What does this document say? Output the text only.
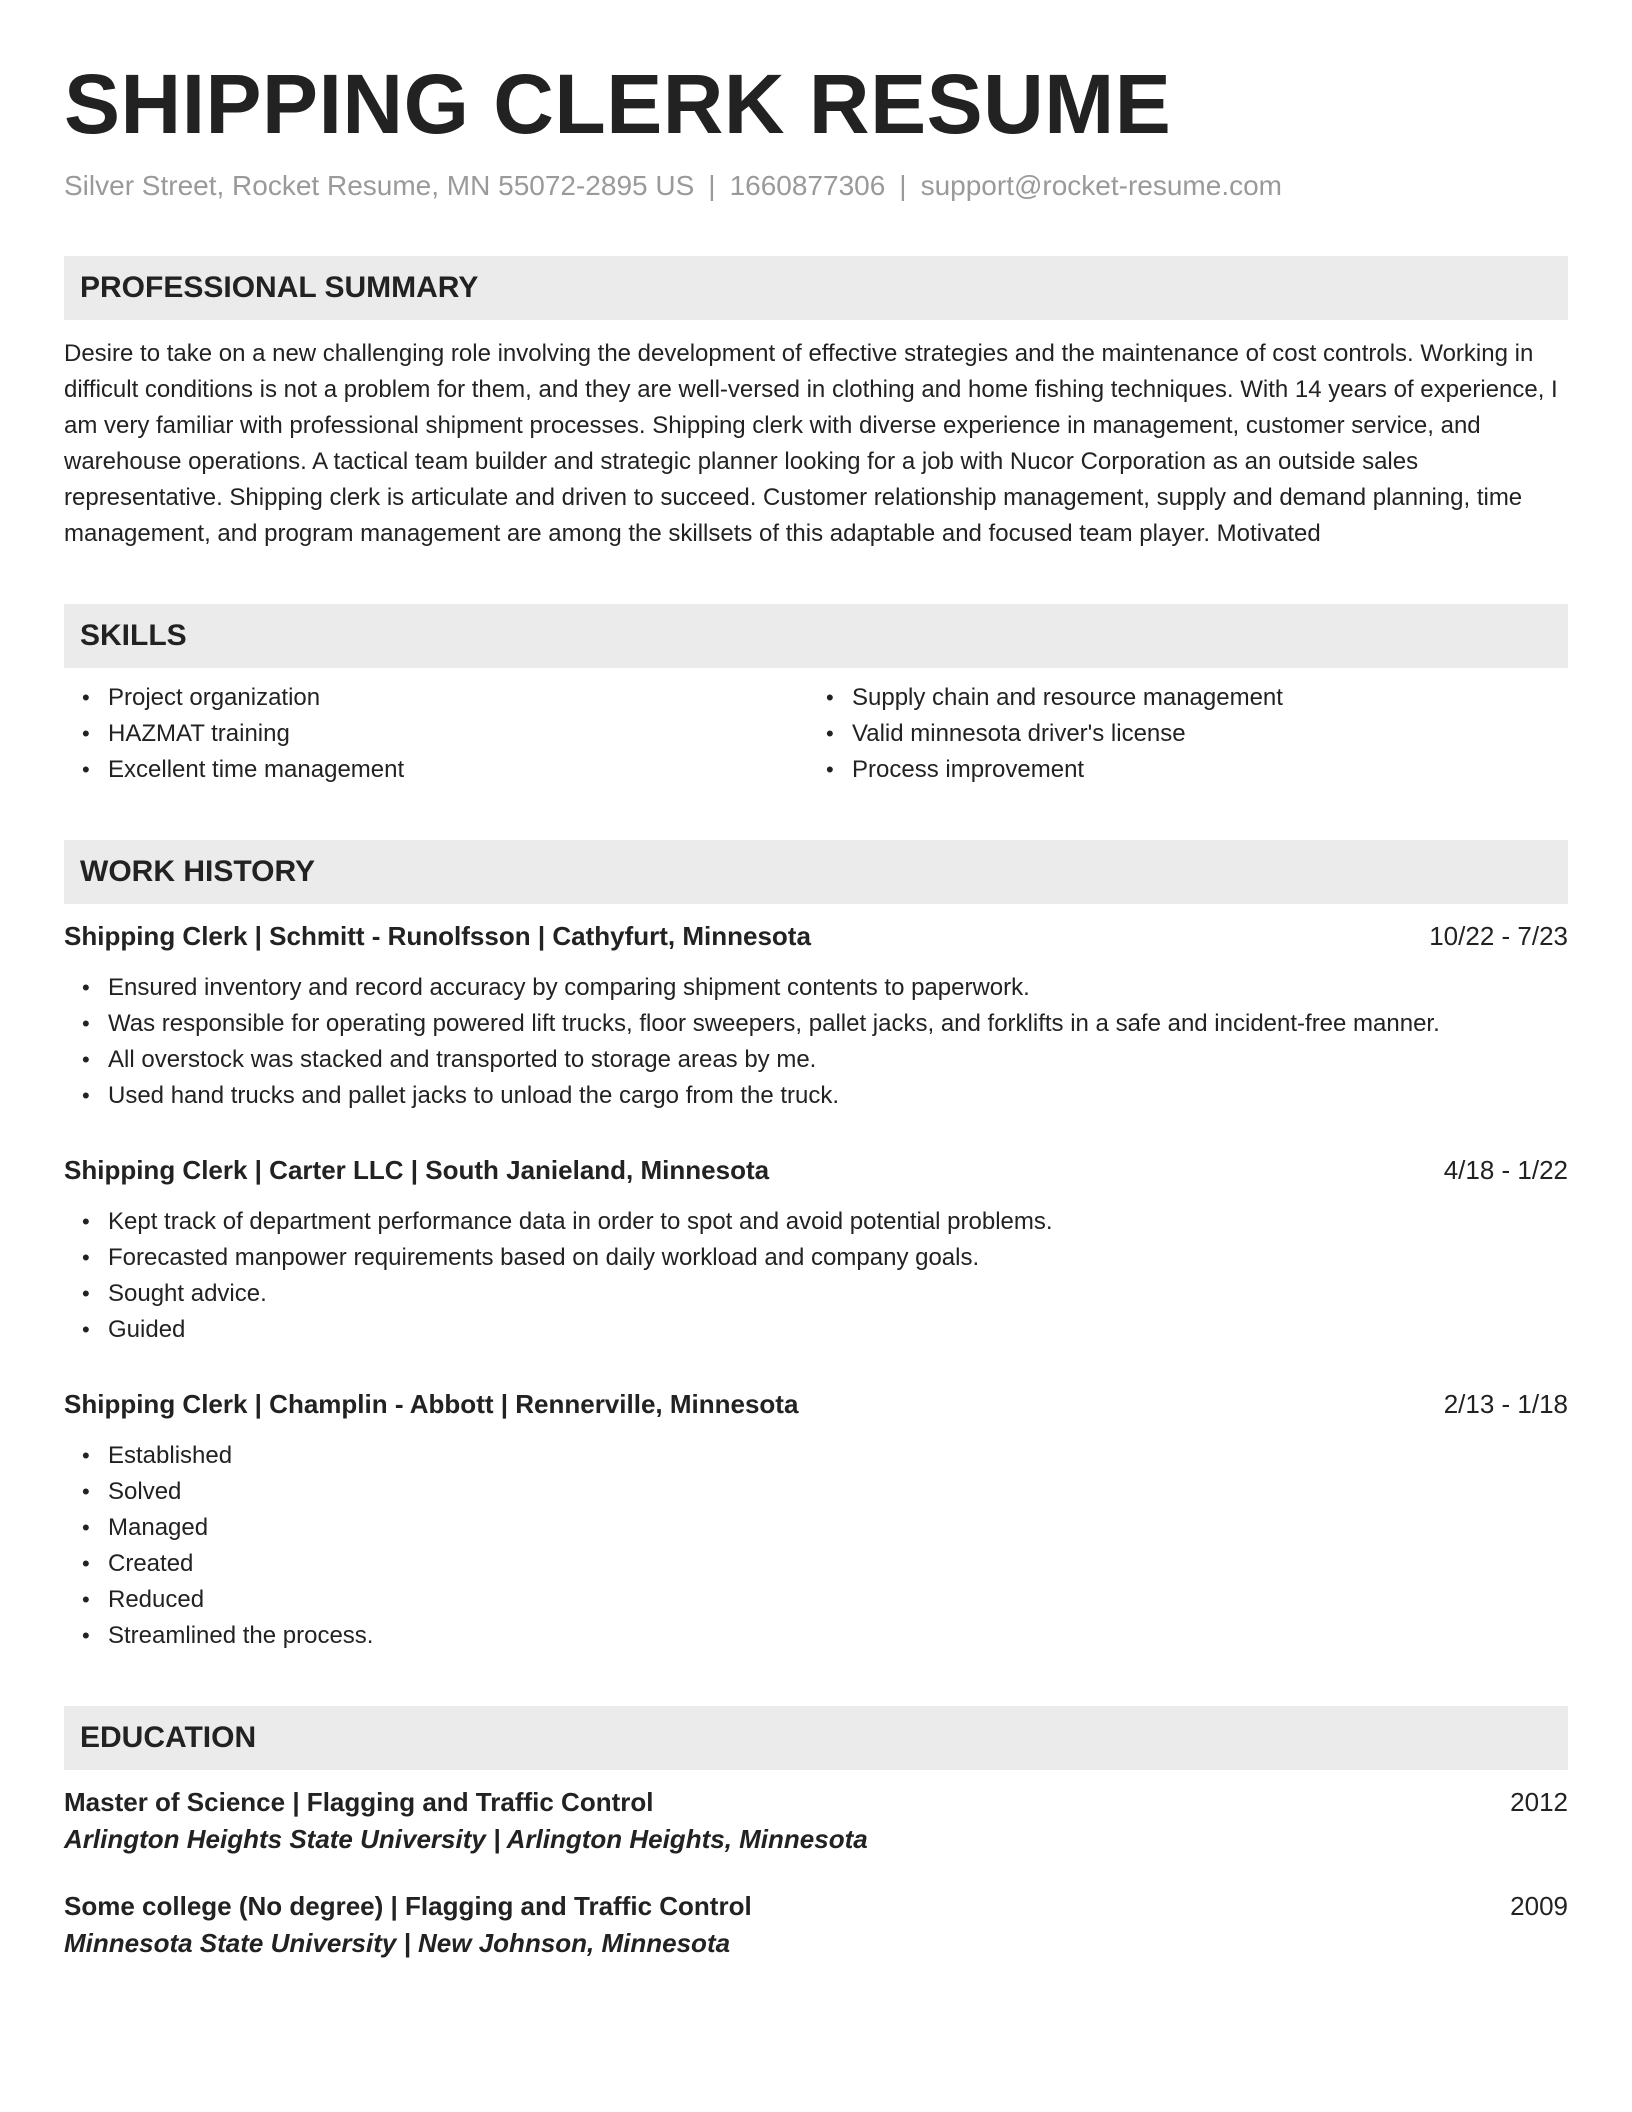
SHIPPING CLERK RESUME
Silver Street, Rocket Resume, MN 55072-2895 US | 1660877306 | support@rocket-resume.com
PROFESSIONAL SUMMARY
Desire to take on a new challenging role involving the development of effective strategies and the maintenance of cost controls. Working in difficult conditions is not a problem for them, and they are well-versed in clothing and home fishing techniques. With 14 years of experience, I am very familiar with professional shipment processes. Shipping clerk with diverse experience in management, customer service, and warehouse operations. A tactical team builder and strategic planner looking for a job with Nucor Corporation as an outside sales representative. Shipping clerk is articulate and driven to succeed. Customer relationship management, supply and demand planning, time management, and program management are among the skillsets of this adaptable and focused team player. Motivated
SKILLS
• Project organization
• HAZMAT training
• Excellent time management
• Supply chain and resource management
• Valid minnesota driver's license
• Process improvement
WORK HISTORY
Shipping Clerk | Schmitt - Runolfsson | Cathyfurt, Minnesota	10/22 - 7/23
• Ensured inventory and record accuracy by comparing shipment contents to paperwork.
• Was responsible for operating powered lift trucks, floor sweepers, pallet jacks, and forklifts in a safe and incident-free manner.
• All overstock was stacked and transported to storage areas by me.
• Used hand trucks and pallet jacks to unload the cargo from the truck.
Shipping Clerk | Carter LLC | South Janieland, Minnesota	4/18 - 1/22
• Kept track of department performance data in order to spot and avoid potential problems.
• Forecasted manpower requirements based on daily workload and company goals.
• Sought advice.
• Guided
Shipping Clerk | Champlin - Abbott | Rennerville, Minnesota	2/13 - 1/18
• Established
• Solved
• Managed
• Created
• Reduced
• Streamlined the process.
EDUCATION
Master of Science | Flagging and Traffic Control	2012
Arlington Heights State University | Arlington Heights, Minnesota
Some college (No degree) | Flagging and Traffic Control	2009
Minnesota State University | New Johnson, Minnesota
